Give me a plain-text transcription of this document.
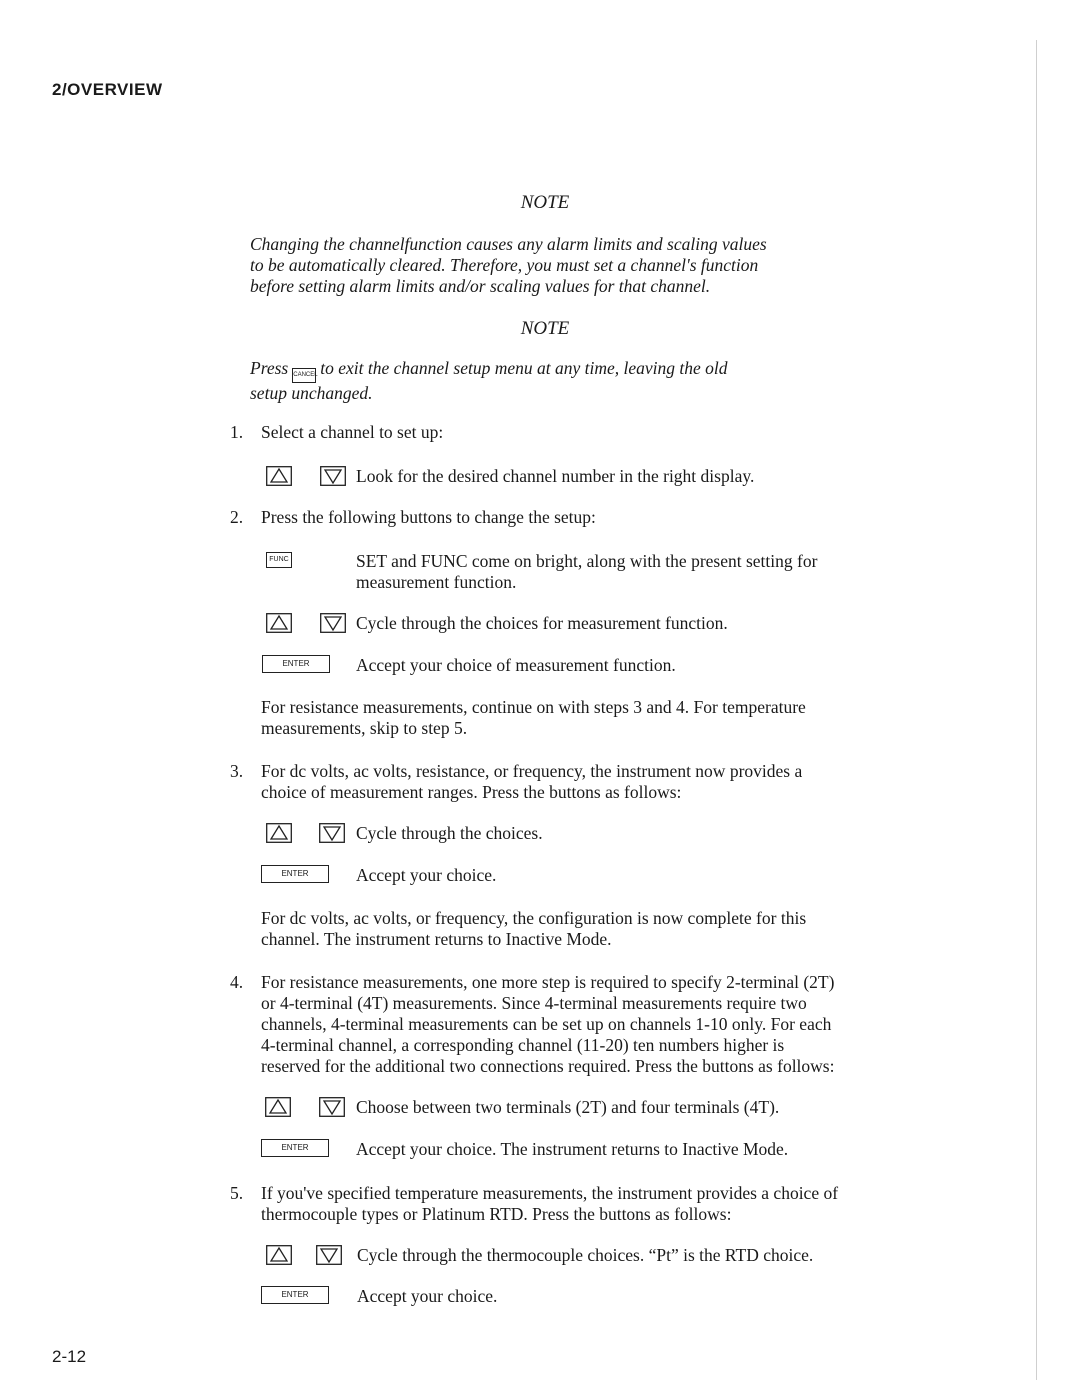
2/OVERVIEW
NOTE
Changing the channelfunction causes any alarm limits and scaling values
to be automatically cleared. Therefore, you must set a channel's function
before setting alarm limits and/or scaling values for that channel.
NOTE
Press CANCEL to exit the channel setup menu at any time, leaving the old
setup unchanged.
1. Select a channel to set up:
Look for the desired channel number in the right display.
2. Press the following buttons to change the setup:
FUNC	SET and FUNC come on bright, along with the present setting for
measurement function.
Cycle through the choices for measurement function.
ENTER	Accept your choice of measurement function.
For resistance measurements, continue on with steps 3 and 4. For temperature
measurements, skip to step 5.
3. For dc volts, ac volts, resistance, or frequency, the instrument now provides a
choice of measurement ranges. Press the buttons as follows:
Cycle through the choices.
ENTER	Accept your choice.
For dc volts, ac volts, or frequency, the configuration is now complete for this
channel. The instrument returns to Inactive Mode.
4. For resistance measurements, one more step is required to specify 2-terminal (2T)
or 4-terminal (4T) measurements. Since 4-terminal measurements require two
channels, 4-terminal measurements can be set up on channels 1-10 only. For each
4-terminal channel, a corresponding channel (11-20) ten numbers higher is
reserved for the additional two connections required. Press the buttons as follows:
Choose between two terminals (2T) and four terminals (4T).
ENTER	Accept your choice. The instrument returns to Inactive Mode.
5. If you've specified temperature measurements, the instrument provides a choice of
thermocouple types or Platinum RTD. Press the buttons as follows:
Cycle through the thermocouple choices. “Pt” is the RTD choice.
ENTER	Accept your choice.
2-12
